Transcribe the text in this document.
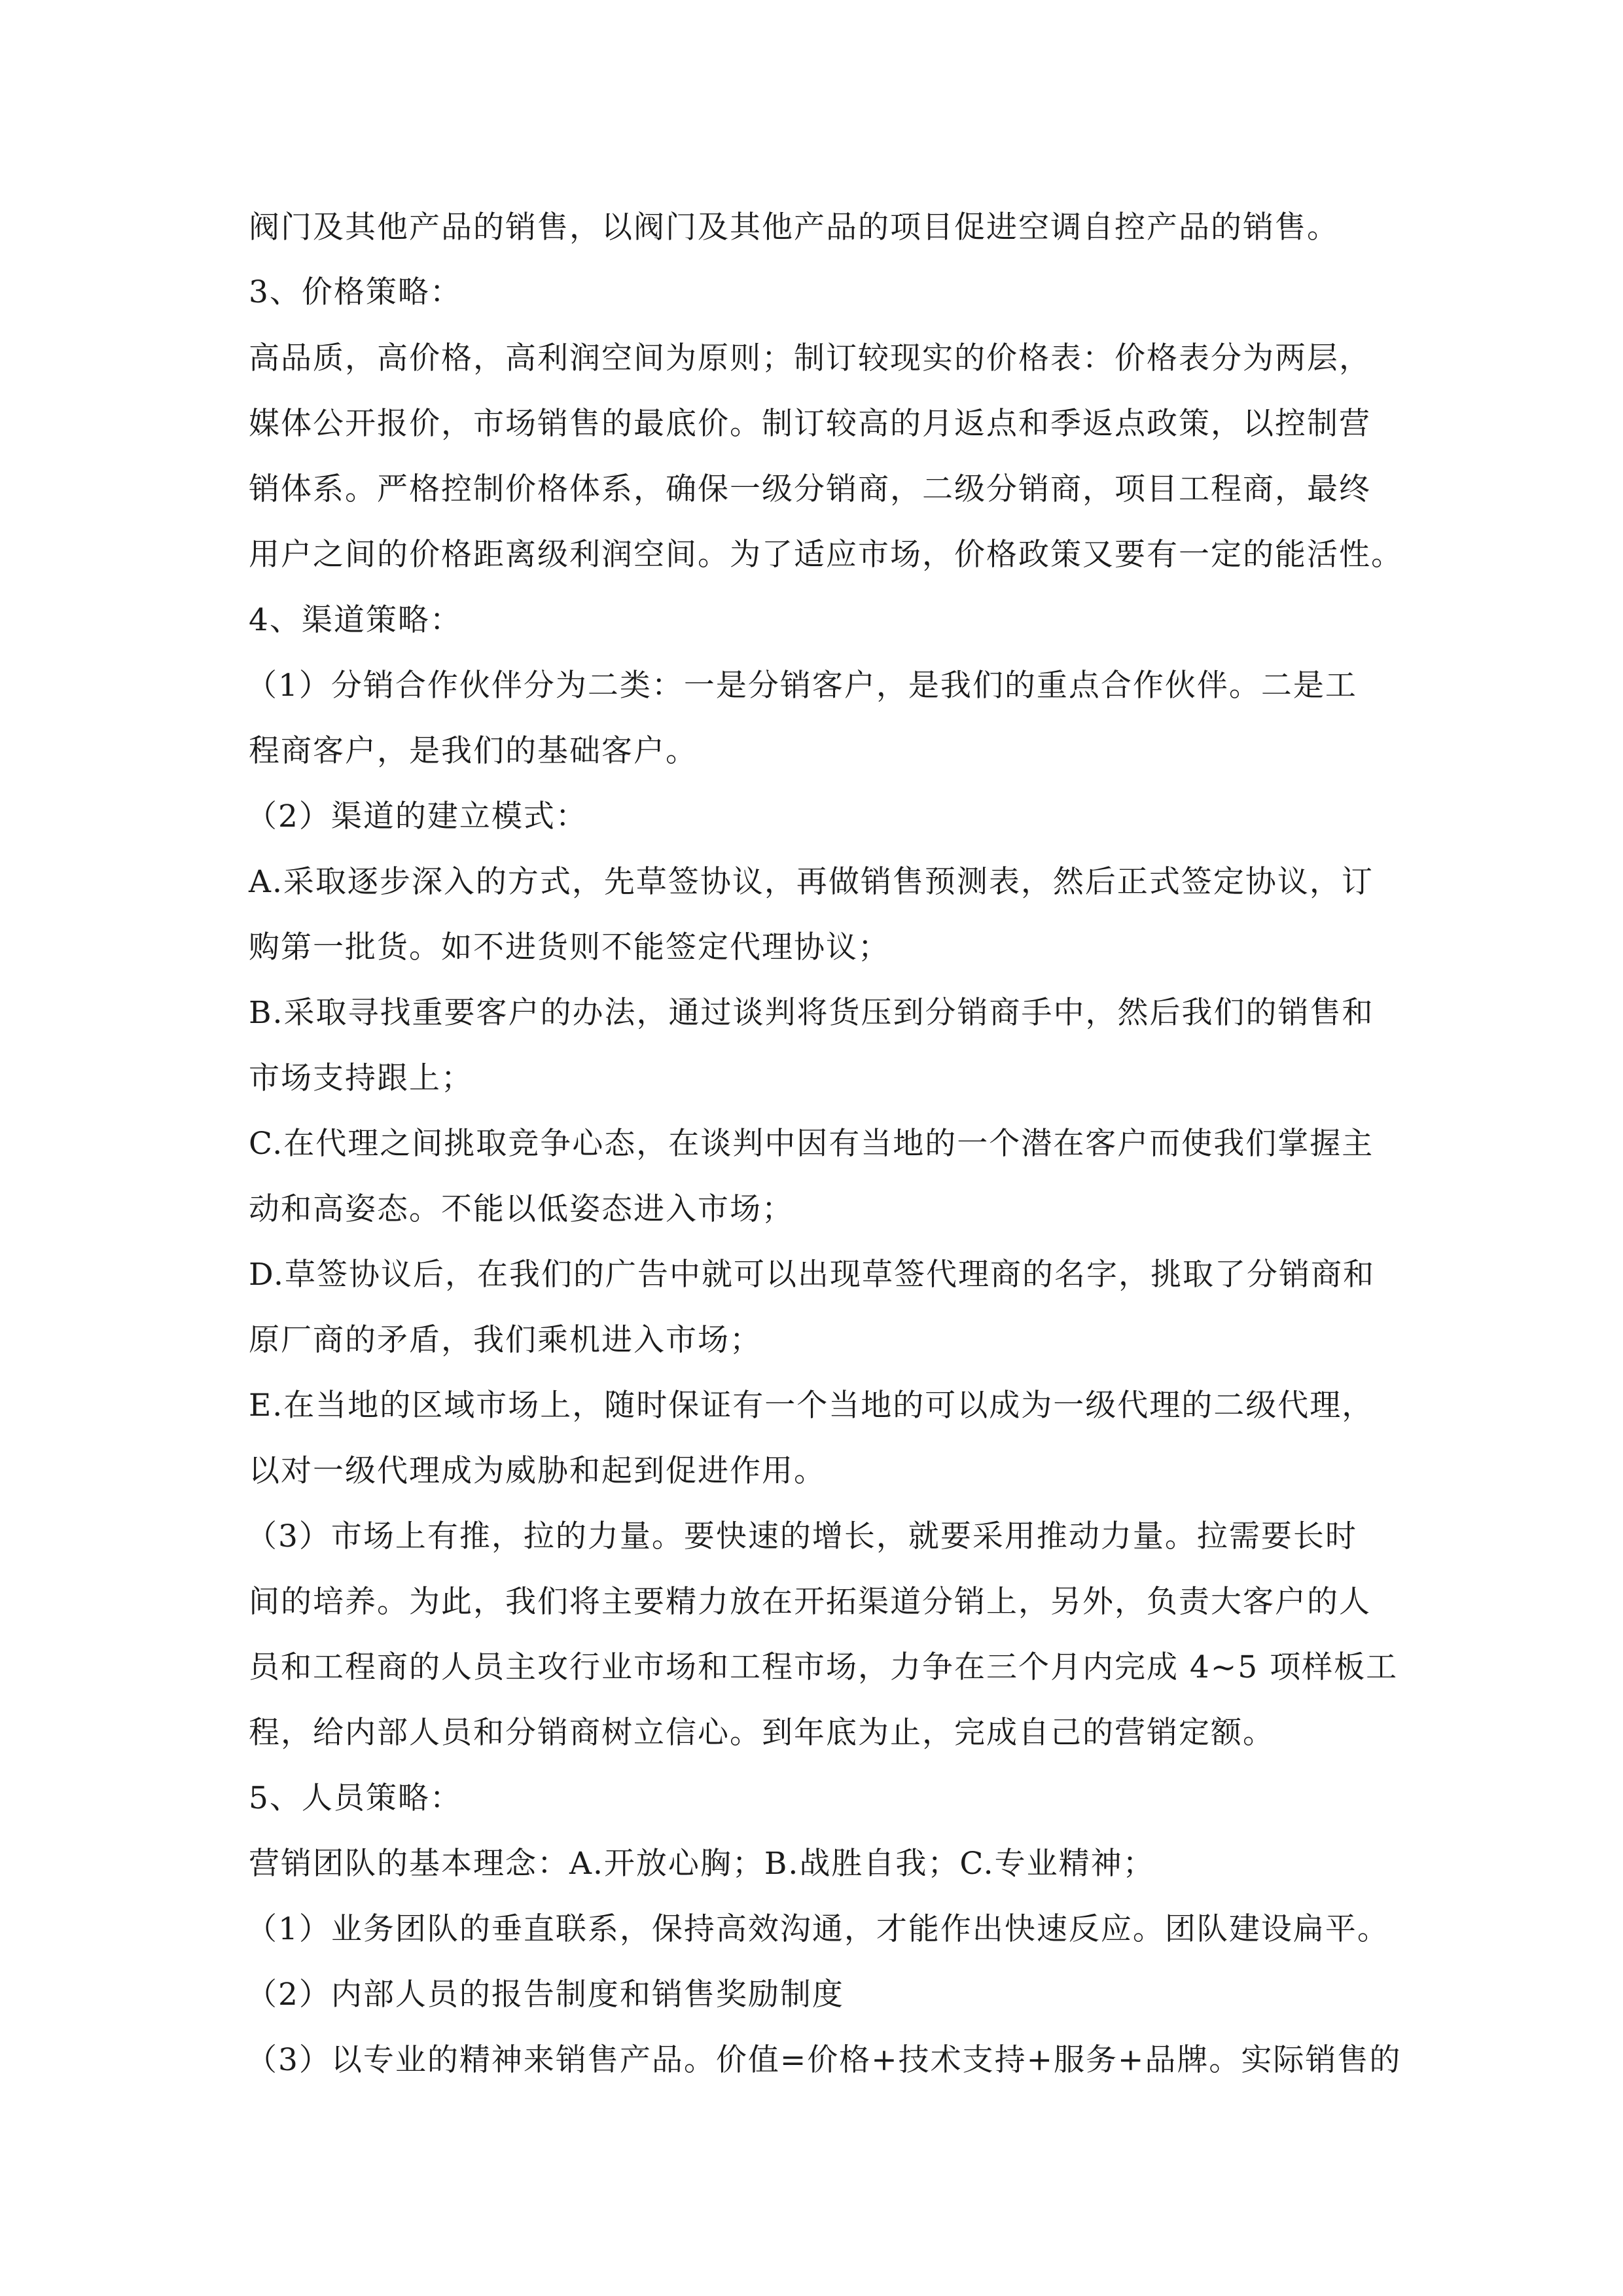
阀门及其他产品的销售，以阀门及其他产品的项目促进空调自控产品的销售。

3、价格策略：

高品质，高价格，高利润空间为原则；制订较现实的价格表：价格表分为两层，

媒体公开报价，市场销售的最底价。制订较高的月返点和季返点政策，以控制营

销体系。严格控制价格体系，确保一级分销商，二级分销商，项目工程商，最终

用户之间的价格距离级利润空间。为了适应市场，价格政策又要有一定的能活性。

4、渠道策略：

（1）分销合作伙伴分为二类：一是分销客户，是我们的重点合作伙伴。二是工

程商客户，是我们的基础客户。

（2）渠道的建立模式：

A.采取逐步深入的方式，先草签协议，再做销售预测表，然后正式签定协议，订

购第一批货。如不进货则不能签定代理协议；

B.采取寻找重要客户的办法，通过谈判将货压到分销商手中，然后我们的销售和

市场支持跟上；

C.在代理之间挑取竞争心态，在谈判中因有当地的一个潜在客户而使我们掌握主

动和高姿态。不能以低姿态进入市场；

D.草签协议后，在我们的广告中就可以出现草签代理商的名字，挑取了分销商和

原厂商的矛盾，我们乘机进入市场；

E.在当地的区域市场上，随时保证有一个当地的可以成为一级代理的二级代理，

以对一级代理成为威胁和起到促进作用。

（3）市场上有推，拉的力量。要快速的增长，就要采用推动力量。拉需要长时

间的培养。为此，我们将主要精力放在开拓渠道分销上，另外，负责大客户的人

员和工程商的人员主攻行业市场和工程市场，力争在三个月内完成 4~5 项样板工

程，给内部人员和分销商树立信心。到年底为止，完成自己的营销定额。

5、人员策略：

营销团队的基本理念：A.开放心胸；B.战胜自我；C.专业精神；

（1）业务团队的垂直联系，保持高效沟通，才能作出快速反应。团队建设扁平。

（2）内部人员的报告制度和销售奖励制度

（3）以专业的精神来销售产品。价值=价格+技术支持+服务+品牌。实际销售的
